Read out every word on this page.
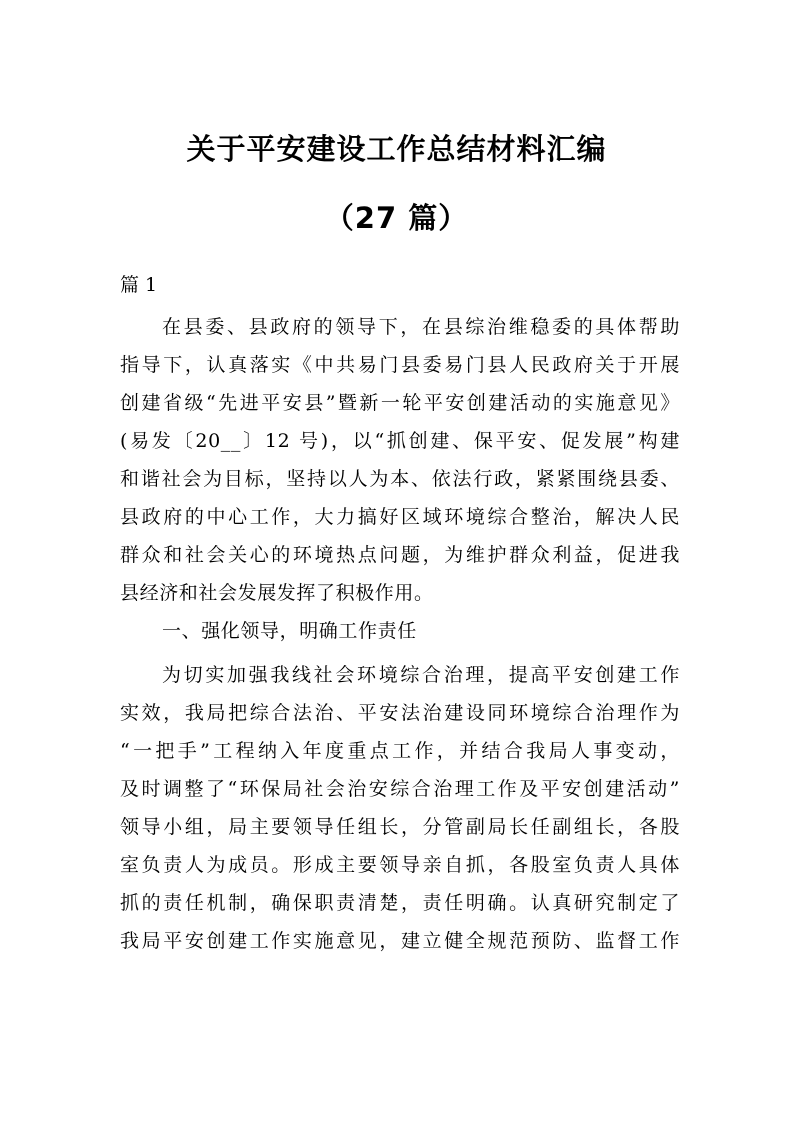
关于平安建设工作总结材料汇编
（27 篇）
篇 1
在县委、县政府的领导下，在县综治维稳委的具体帮助
指导下，认真落实《中共易门县委易门县人民政府关于开展
创建省级“先进平安县”暨新一轮平安创建活动的实施意见》
(易发〔20__〕12 号)，以“抓创建、保平安、促发展”构建
和谐社会为目标，坚持以人为本、依法行政，紧紧围绕县委、
县政府的中心工作，大力搞好区域环境综合整治，解决人民
群众和社会关心的环境热点问题，为维护群众利益，促进我
县经济和社会发展发挥了积极作用。
一、强化领导，明确工作责任
为切实加强我线社会环境综合治理，提高平安创建工作
实效，我局把综合法治、平安法治建设同环境综合治理作为
“一把手”工程纳入年度重点工作，并结合我局人事变动，
及时调整了“环保局社会治安综合治理工作及平安创建活动”
领导小组，局主要领导任组长，分管副局长任副组长，各股
室负责人为成员。形成主要领导亲自抓，各股室负责人具体
抓的责任机制，确保职责清楚，责任明确。认真研究制定了
我局平安创建工作实施意见，建立健全规范预防、监督工作
